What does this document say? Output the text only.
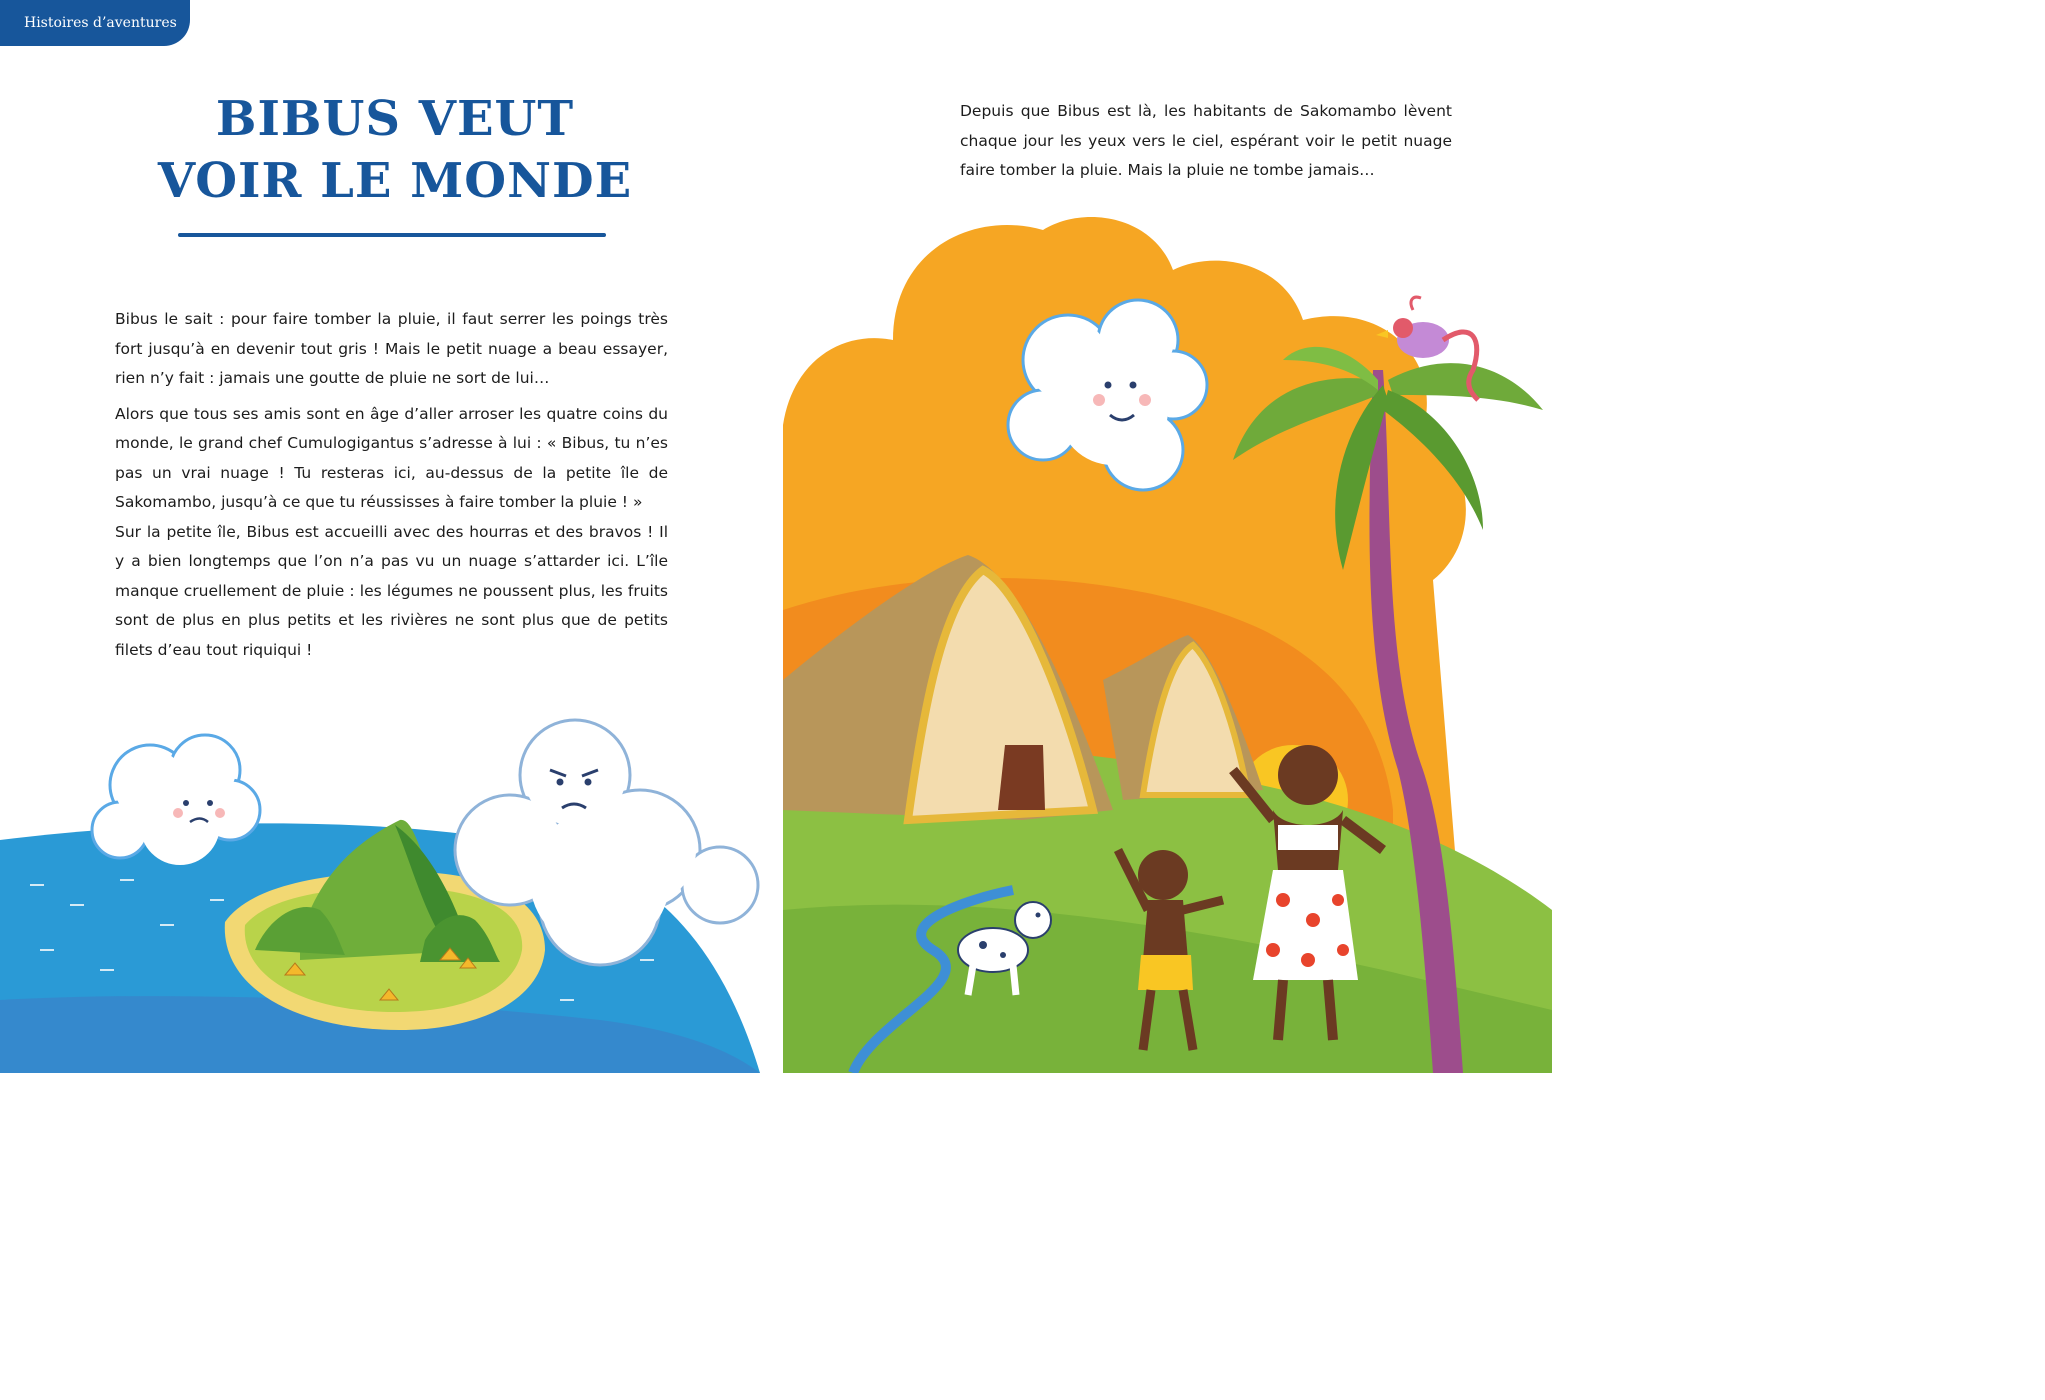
Histoires d’aventures
BIBUS VEUT
VOIR LE MONDE

Bibus le sait : pour faire tomber la pluie, il faut serrer les poings très fort jusqu’à en devenir tout gris ! Mais le petit nuage a beau essayer, rien n’y fait : jamais une goutte de pluie ne sort de lui…

Alors que tous ses amis sont en âge d’aller arroser les quatre coins du monde, le grand chef Cumulogigantus s’adresse à lui : « Bibus, tu n’es pas un vrai nuage ! Tu resteras ici, au-dessus de la petite île de Sakomambo, jusqu’à ce que tu réussisses à faire tomber la pluie ! »

Sur la petite île, Bibus est accueilli avec des hourras et des bravos ! Il y a bien longtemps que l’on n’a pas vu un nuage s’attarder ici. L’île manque cruellement de pluie : les légumes ne poussent plus, les fruits sont de plus en plus petits et les rivières ne sont plus que de petits filets d’eau tout riquiqui !

Depuis que Bibus est là, les habitants de Sakomambo lèvent chaque jour les yeux vers le ciel, espérant voir le petit nuage faire tomber la pluie. Mais la pluie ne tombe jamais…
